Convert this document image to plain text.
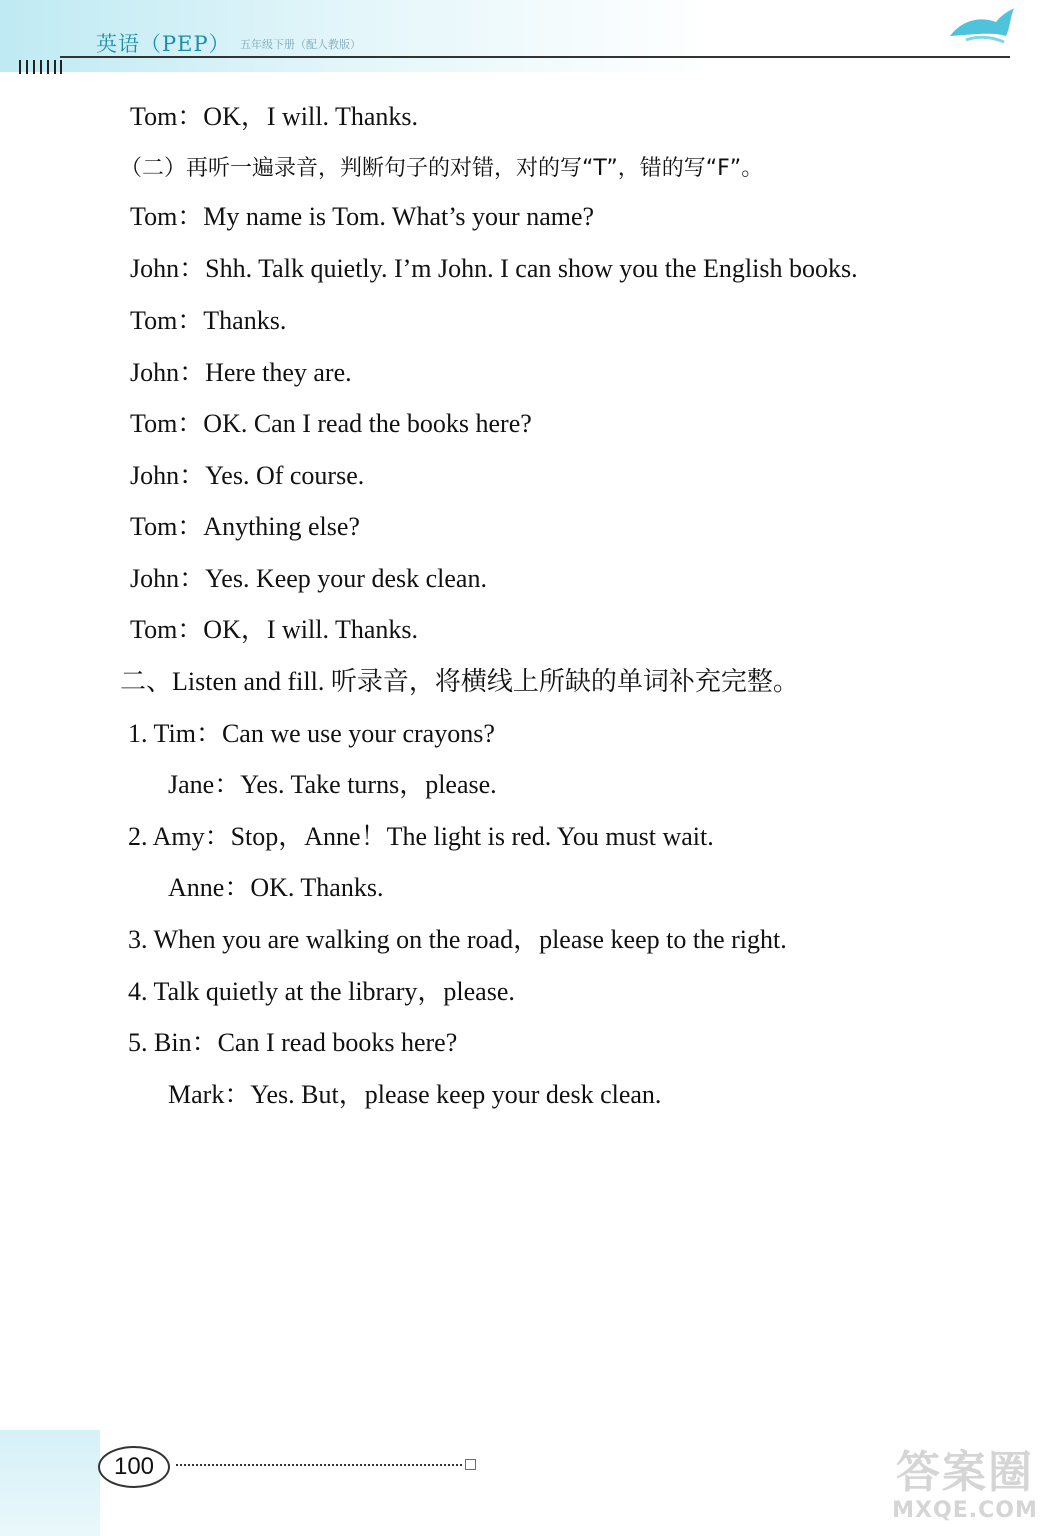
英语（PEP） 五年级下册（配人教版）
Tom：OK，I will. Thanks.
（二）再听一遍录音，判断句子的对错，对的写“T”，错的写“F”。
Tom：My name is Tom. What’s your name?
John：Shh. Talk quietly. I’m John. I can show you the English books.
Tom：Thanks.
John：Here they are.
Tom：OK. Can I read the books here?
John：Yes. Of course.
Tom：Anything else?
John：Yes. Keep your desk clean.
Tom：OK，I will. Thanks.
二、Listen and fill. 听录音，将横线上所缺的单词补充完整。
1. Tim：Can we use your crayons?
Jane：Yes. Take turns，please.
2. Amy：Stop，Anne！The light is red. You must wait.
Anne：OK. Thanks.
3. When you are walking on the road，please keep to the right.
4. Talk quietly at the library，please.
5. Bin：Can I read books here?
Mark：Yes. But，please keep your desk clean.
100	答案圈
MXQE.COM
